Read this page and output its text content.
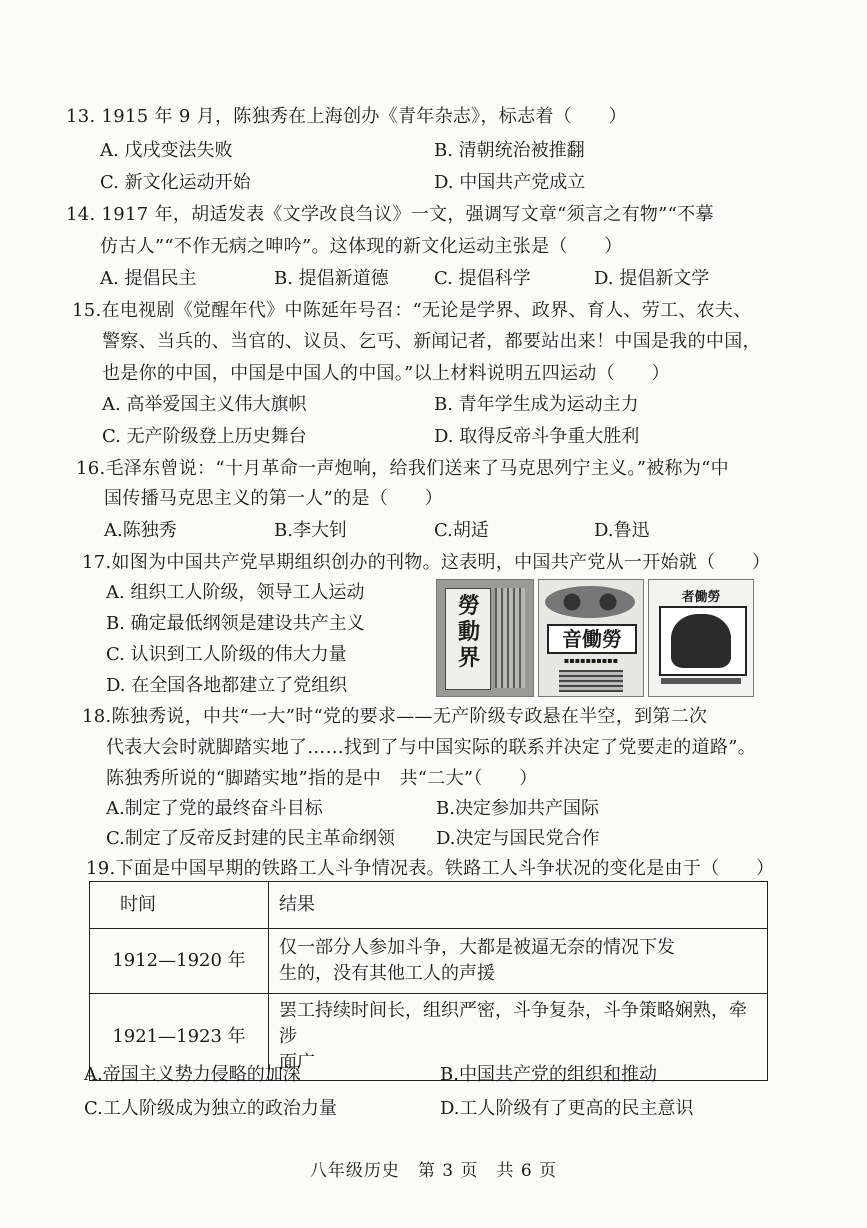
13. 1915 年 9 月，陈独秀在上海创办《青年杂志》，标志着（　　）
A. 戊戌变法失败	B. 清朝统治被推翻
C. 新文化运动开始	D. 中国共产党成立
14. 1917 年，胡适发表《文学改良刍议》一文，强调写文章“须言之有物”“不摹
仿古人”“不作无病之呻吟”。这体现的新文化运动主张是（　　）
A. 提倡民主	B. 提倡新道德	C. 提倡科学	D. 提倡新文学
15.在电视剧《觉醒年代》中陈延年号召：“无论是学界、政界、育人、劳工、农夫、
警察、当兵的、当官的、议员、乞丐、新闻记者，都要站出来！中国是我的中国，
也是你的中国，中国是中国人的中国。”以上材料说明五四运动（　　）
A. 高举爱国主义伟大旗帜	B. 青年学生成为运动主力
C. 无产阶级登上历史舞台	D. 取得反帝斗争重大胜利
16.毛泽东曾说：“十月革命一声炮响，给我们送来了马克思列宁主义。”被称为“中
国传播马克思主义的第一人”的是（　　）
A.陈独秀	B.李大钊	C.胡适	D.鲁迅
17.如图为中国共产党早期组织创办的刊物。这表明，中国共产党从一开始就（　　）
A. 组织工人阶级，领导工人运动
B. 确定最低纲领是建设共产主义
C. 认识到工人阶级的伟大力量
D. 在全国各地都建立了党组织
勞動界
音働勞
▪▪▪▪▪▪▪▪▪▪
者働勞
18.陈独秀说，中共“一大”时“党的要求——无产阶级专政悬在半空，到第二次
代表大会时就脚踏实地了……找到了与中国实际的联系并决定了党要走的道路”。
陈独秀所说的“脚踏实地”指的是中　共“二大”（　　）
A.制定了党的最终奋斗目标	B.决定参加共产国际
C.制定了反帝反封建的民主革命纲领 D.决定与国民党合作
19.下面是中国早期的铁路工人斗争情况表。铁路工人斗争状况的变化是由于（　　）
时间	结果
1912—1920 年	仅一部分人参加斗争，大都是被逼无奈的情况下发
生的，没有其他工人的声援

1921—1923 年	罢工持续时间长，组织严密，斗争复杂，斗争策略娴熟，牵涉
面广
A.帝国主义势力侵略的加深	B.中国共产党的组织和推动
C.工人阶级成为独立的政治力量	D.工人阶级有了更高的民主意识
八年级历史　第 3 页　共 6 页
